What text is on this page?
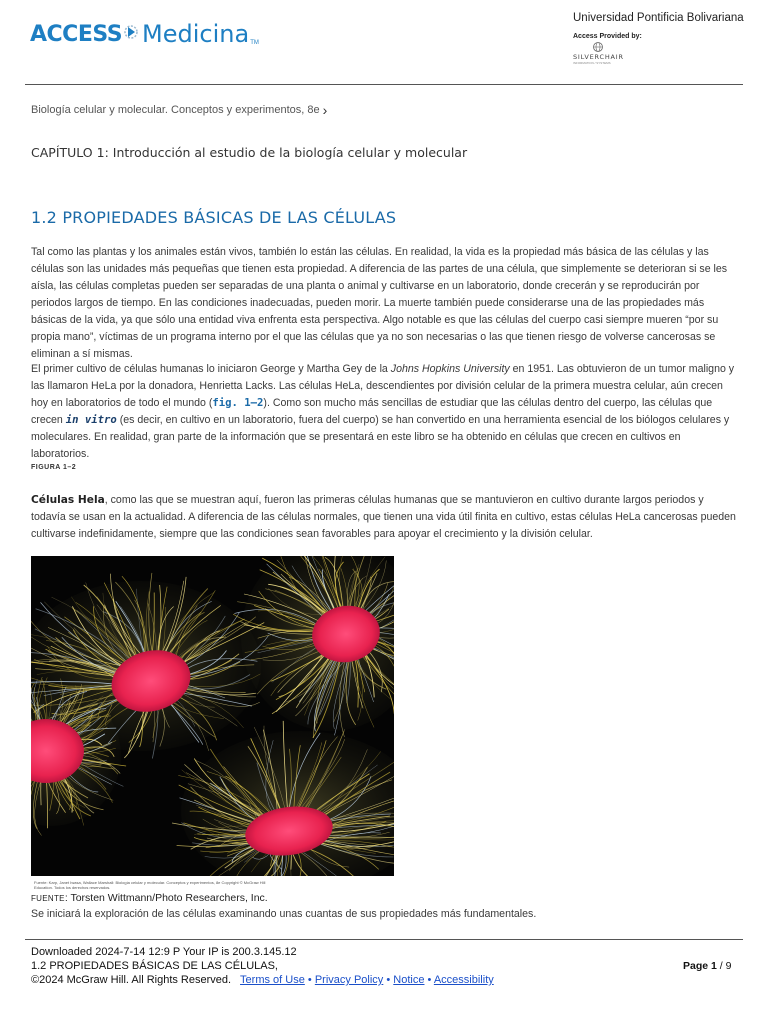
ACCESS Medicina TM
Universidad Pontificia Bolivariana
Access Provided by:
SILVERCHAIR
INFORMATION / SYSTEMS
Biología celular y molecular. Conceptos y experimentos, 8e ›
CAPÍTULO 1: Introducción al estudio de la biología celular y molecular
1.2 PROPIEDADES BÁSICAS DE LAS CÉLULAS

Tal como las plantas y los animales están vivos, también lo están las células. En realidad, la vida es la propiedad más básica de las células y las células son las unidades más pequeñas que tienen esta propiedad. A diferencia de las partes de una célula, que simplemente se deterioran si se les aísla, las células completas pueden ser separadas de una planta o animal y cultivarse en un laboratorio, donde crecerán y se reproducirán por periodos largos de tiempo. En las condiciones inadecuadas, pueden morir. La muerte también puede considerarse una de las propiedades más básicas de la vida, ya que sólo una entidad viva enfrenta esta perspectiva. Algo notable es que las células del cuerpo casi siempre mueren “por su propia mano”, víctimas de un programa interno por el que las células que ya no son necesarias o las que tienen riesgo de volverse cancerosas se eliminan a sí mismas.

El primer cultivo de células humanas lo iniciaron George y Martha Gey de la Johns Hopkins University en 1951. Las obtuvieron de un tumor maligno y las llamaron HeLa por la donadora, Henrietta Lacks. Las células HeLa, descendientes por división celular de la primera muestra celular, aún crecen hoy en laboratorios de todo el mundo (fig. 1–2). Como son mucho más sencillas de estudiar que las células dentro del cuerpo, las células que crecen in vitro (es decir, en cultivo en un laboratorio, fuera del cuerpo) se han convertido en una herramienta esencial de los biólogos celulares y moleculares. En realidad, gran parte de la información que se presentará en este libro se ha obtenido en células que crecen en cultivos en laboratorios.

FIGURA 1–2

Células Hela, como las que se muestran aquí, fueron las primeras células humanas que se mantuvieron en cultivo durante largos periodos y todavía se usan en la actualidad. A diferencia de las células normales, que tienen una vida útil finita en cultivo, estas células HeLa cancerosas pueden cultivarse indefinidamente, siempre que las condiciones sean favorables para apoyar el crecimiento y la división celular.

Fuente: Karp, Janet Iwasa, Wallace Marshall: Biología celular y molecular. Conceptos y experimentos, 8e Copyright © McGraw Hill Education. Todos los derechos reservados.
FUENTE: Torsten Wittmann/Photo Researchers, Inc.
Se iniciará la exploración de las células examinando unas cuantas de sus propiedades más fundamentales.
Downloaded 2024-7-14 12:9 P Your IP is 200.3.145.12
1.2 PROPIEDADES BÁSICAS DE LAS CÉLULAS,
©2024 McGraw Hill. All Rights Reserved. Terms of Use • Privacy Policy • Notice • Accessibility
Page 1 / 9
